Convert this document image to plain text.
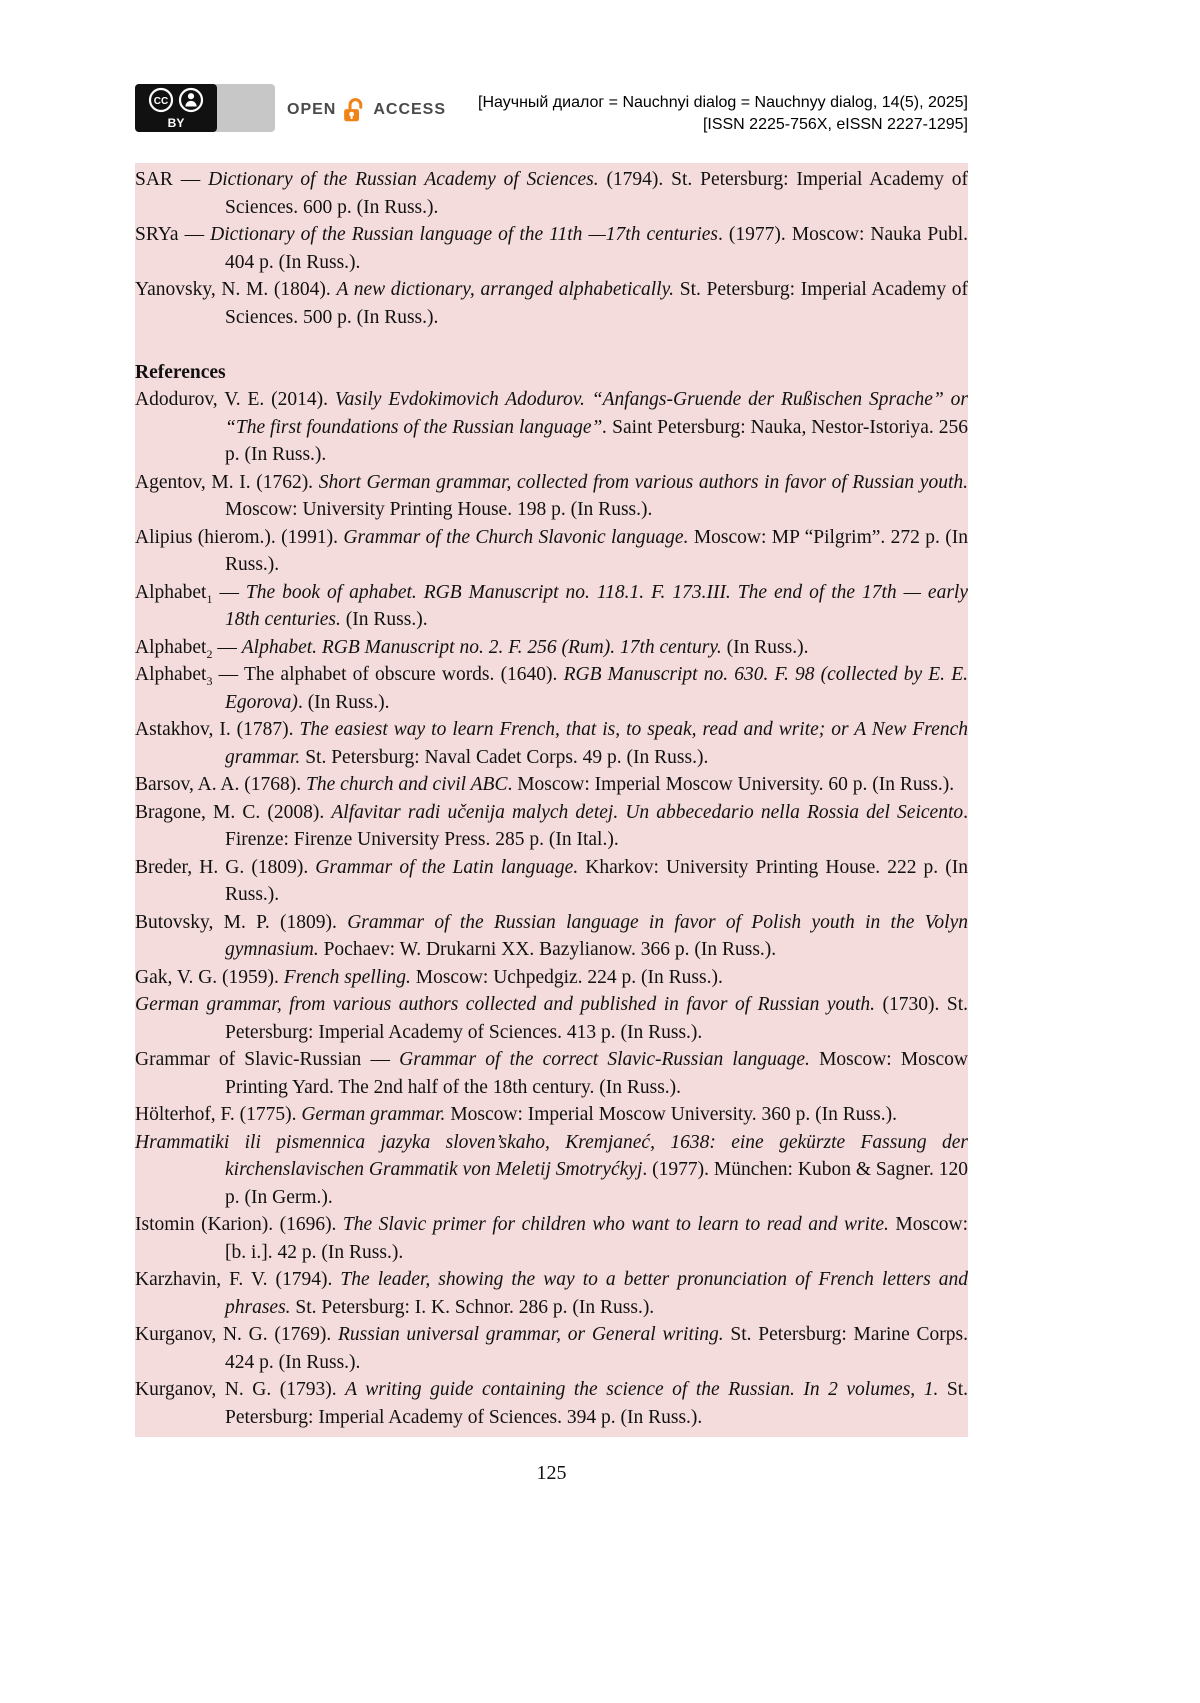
CC
BY
OPEN ACCESS	[Научный диалог = Nauchnyi dialog = Nauchnyy dialog, 14(5), 2025]
[ISSN 2225-756X, eISSN 2227-1295]

SAR — Dictionary of the Russian Academy of Sciences. (1794). St. Petersburg: Imperial Academy of Sciences. 600 p. (In Russ.).

SRYa — Dictionary of the Russian language of the 11th —17th centuries. (1977). Moscow: Nauka Publ. 404 p. (In Russ.).

Yanovsky, N. M. (1804). A new dictionary, arranged alphabetically. St. Petersburg: Imperial Academy of Sciences. 500 p. (In Russ.).

References

Adodurov, V. E. (2014). Vasily Evdokimovich Adodurov. “Anfangs-Gruende der Rußischen Sprache” or “The first foundations of the Russian language”. Saint Petersburg: Nauka, Nestor-Istoriya. 256 p. (In Russ.).

Agentov, M. I. (1762). Short German grammar, collected from various authors in favor of Russian youth. Moscow: University Printing House. 198 p. (In Russ.).

Alipius (hierom.). (1991). Grammar of the Church Slavonic language. Moscow: MP “Pilgrim”. 272 p. (In Russ.).

Alphabet$_1$ — The book of aphabet. RGB Manuscript no. 118.1. F. 173.III. The end of the 17th — early 18th centuries. (In Russ.).

Alphabet$_2$ — Alphabet. RGB Manuscript no. 2. F. 256 (Rum). 17th century. (In Russ.).

Alphabet$_3$ — The alphabet of obscure words. (1640). RGB Manuscript no. 630. F. 98 (collected by E. E. Egorova). (In Russ.).

Astakhov, I. (1787). The easiest way to learn French, that is, to speak, read and write; or A New French grammar. St. Petersburg: Naval Cadet Corps. 49 p. (In Russ.).

Barsov, A. A. (1768). The church and civil ABC. Moscow: Imperial Moscow University. 60 p. (In Russ.).

Bragone, M. C. (2008). Alfavitar radi učenija malych detej. Un abbecedario nella Rossia del Seicento. Firenze: Firenze University Press. 285 p. (In Ital.).

Breder, H. G. (1809). Grammar of the Latin language. Kharkov: University Printing House. 222 p. (In Russ.).

Butovsky, M. P. (1809). Grammar of the Russian language in favor of Polish youth in the Volyn gymnasium. Pochaev: W. Drukarni XX. Bazylianow. 366 p. (In Russ.).

Gak, V. G. (1959). French spelling. Moscow: Uchpedgiz. 224 p. (In Russ.).

German grammar, from various authors collected and published in favor of Russian youth. (1730). St. Petersburg: Imperial Academy of Sciences. 413 p. (In Russ.).

Grammar of Slavic-Russian — Grammar of the correct Slavic-Russian language. Moscow: Moscow Printing Yard. The 2nd half of the 18th century. (In Russ.).

Hölterhof, F. (1775). German grammar. Moscow: Imperial Moscow University. 360 p. (In Russ.).

Hrammatiki ili pismennica jazyka sloven’skaho, Kremjaneć, 1638: eine gekürzte Fassung der kirchenslavischen Grammatik von Meletij Smotryćkyj. (1977). München: Kubon & Sagner. 120 p. (In Germ.).

Istomin (Karion). (1696). The Slavic primer for children who want to learn to read and write. Moscow: [b. i.]. 42 p. (In Russ.).

Karzhavin, F. V. (1794). The leader, showing the way to a better pronunciation of French letters and phrases. St. Petersburg: I. K. Schnor. 286 p. (In Russ.).

Kurganov, N. G. (1769). Russian universal grammar, or General writing. St. Petersburg: Marine Corps. 424 p. (In Russ.).

Kurganov, N. G. (1793). A writing guide containing the science of the Russian. In 2 volumes, 1. St. Petersburg: Imperial Academy of Sciences. 394 p. (In Russ.).

125
